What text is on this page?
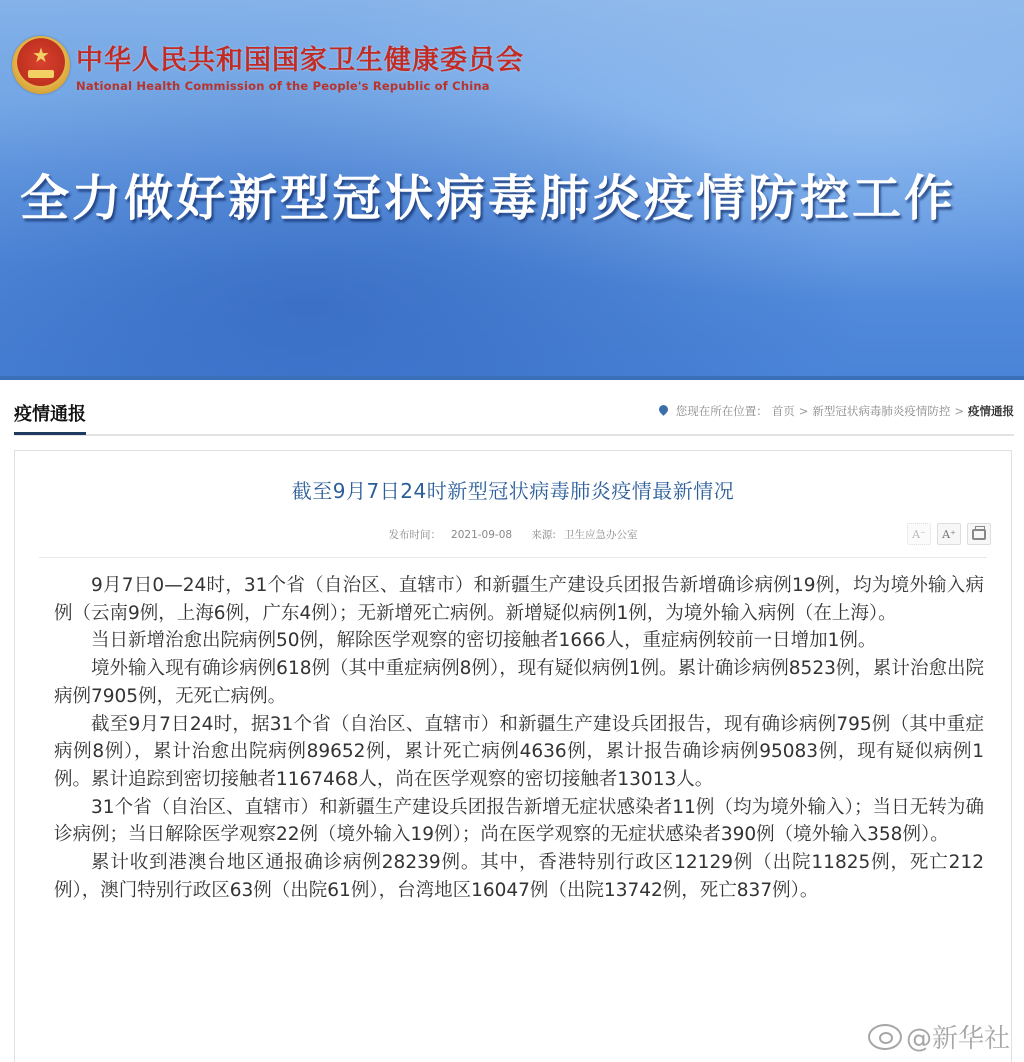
★
中华人民共和国国家卫生健康委员会
National Health Commission of the People's Republic of China
全力做好新型冠状病毒肺炎疫情防控工作
疫情通报	您现在所在位置： 首页 > 新型冠状病毒肺炎疫情防控 > 疫情通报
截至9月7日24时新型冠状病毒肺炎疫情最新情况
发布时间： 2021-09-08 来源: 卫生应急办公室	A⁻	A⁺

9月7日0—24时，31个省（自治区、直辖市）和新疆生产建设兵团报告新增确诊病例19例，均为境外输入病例（云南9例，上海6例，广东4例）；无新增死亡病例。新增疑似病例1例，为境外输入病例（在上海）。

当日新增治愈出院病例50例，解除医学观察的密切接触者1666人，重症病例较前一日增加1例。

境外输入现有确诊病例618例（其中重症病例8例），现有疑似病例1例。累计确诊病例8523例，累计治愈出院病例7905例，无死亡病例。

截至9月7日24时，据31个省（自治区、直辖市）和新疆生产建设兵团报告，现有确诊病例795例（其中重症病例8例），累计治愈出院病例89652例，累计死亡病例4636例，累计报告确诊病例95083例，现有疑似病例1例。累计追踪到密切接触者1167468人，尚在医学观察的密切接触者13013人。

31个省（自治区、直辖市）和新疆生产建设兵团报告新增无症状感染者11例（均为境外输入）；当日无转为确诊病例；当日解除医学观察22例（境外输入19例）；尚在医学观察的无症状感染者390例（境外输入358例）。

累计收到港澳台地区通报确诊病例28239例。其中，香港特别行政区12129例（出院11825例，死亡212例），澳门特别行政区63例（出院61例），台湾地区16047例（出院13742例，死亡837例）。

@新华社
